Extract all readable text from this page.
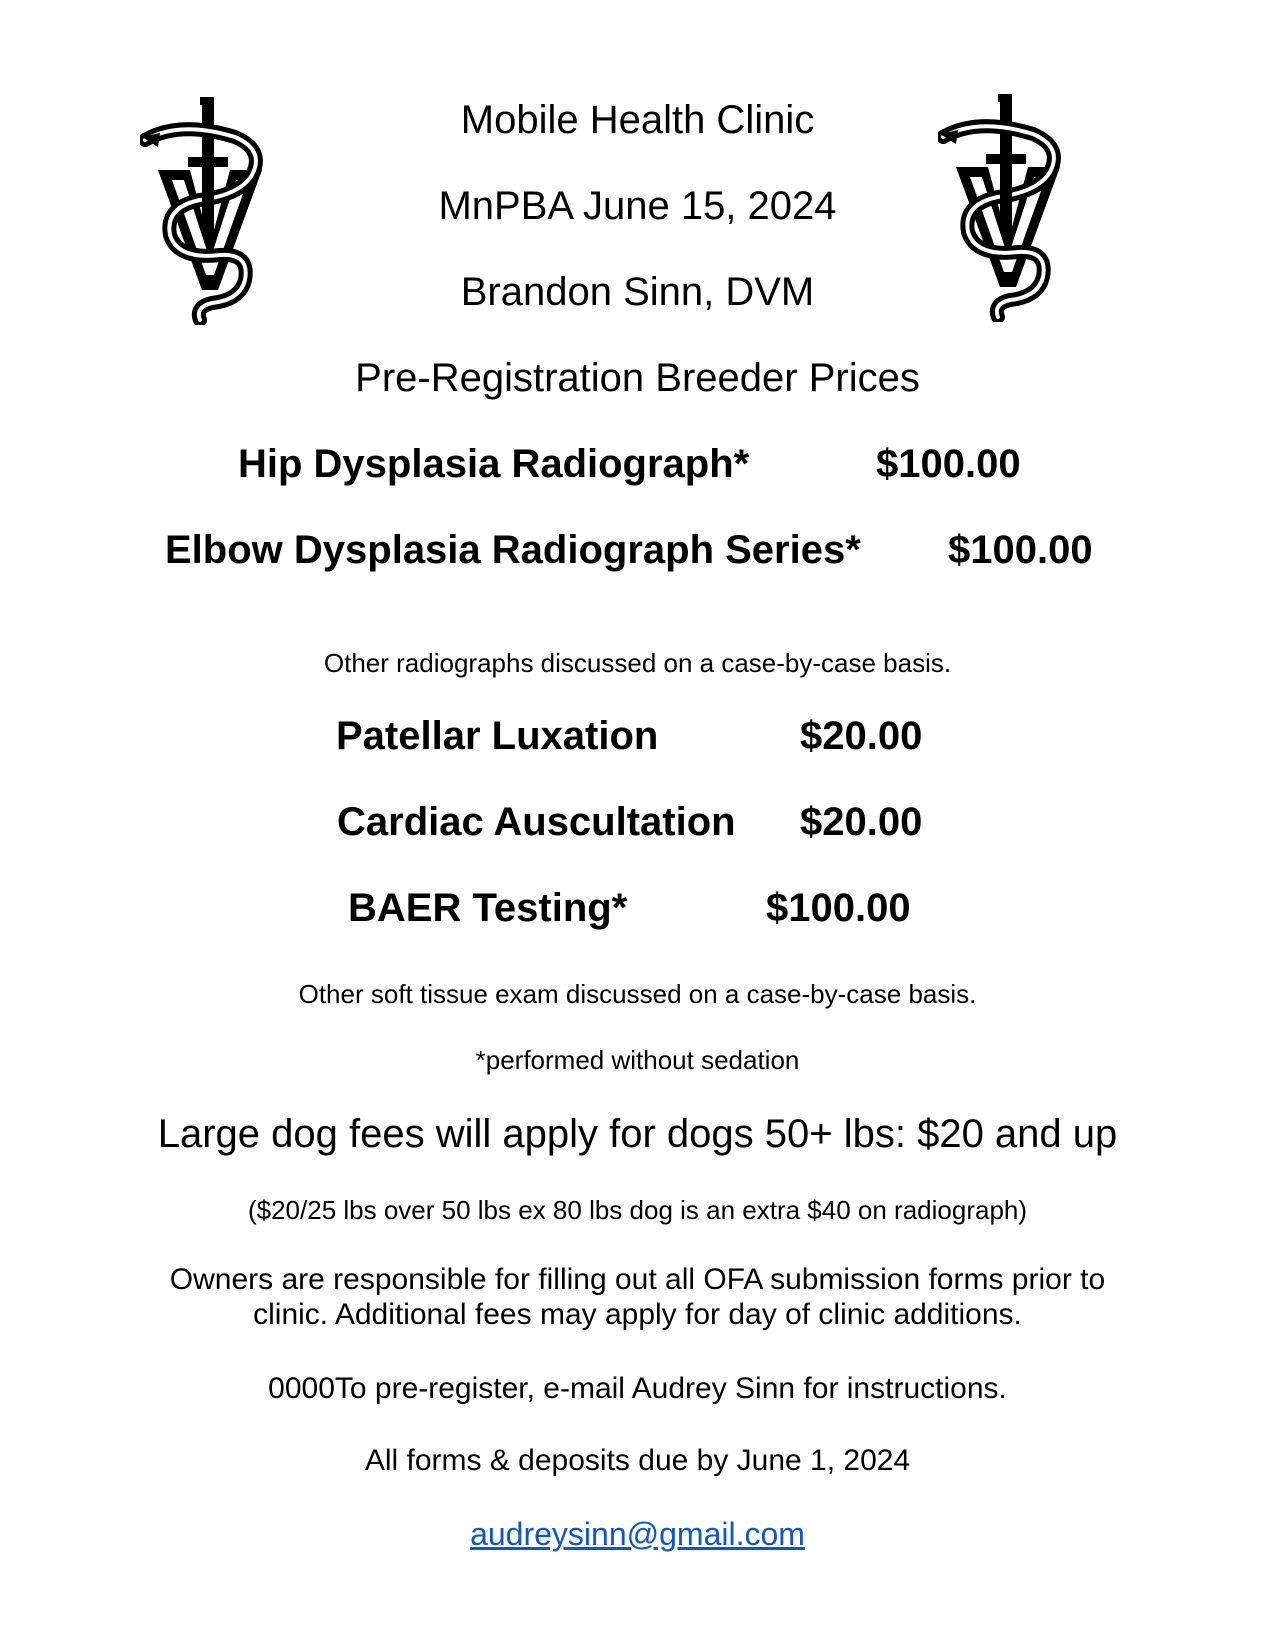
Mobile Health Clinic
MnPBA June 15, 2024
Brandon Sinn, DVM
Pre-Registration Breeder Prices
Hip Dysplasia Radiograph*	$100.00
Elbow Dysplasia Radiograph Series* $100.00
Other radiographs discussed on a case-by-case basis.
Patellar Luxation	$20.00
Cardiac Auscultation $20.00
BAER Testing*	$100.00
Other soft tissue exam discussed on a case-by-case basis.
*performed without sedation
Large dog fees will apply for dogs 50+ lbs: $20 and up
($20/25 lbs over 50 lbs ex 80 lbs dog is an extra $40 on radiograph)
Owners are responsible for filling out all OFA submission forms prior to
clinic. Additional fees may apply for day of clinic additions.
0000To pre-register, e-mail Audrey Sinn for instructions.
All forms & deposits due by June 1, 2024
audreysinn@gmail.com
